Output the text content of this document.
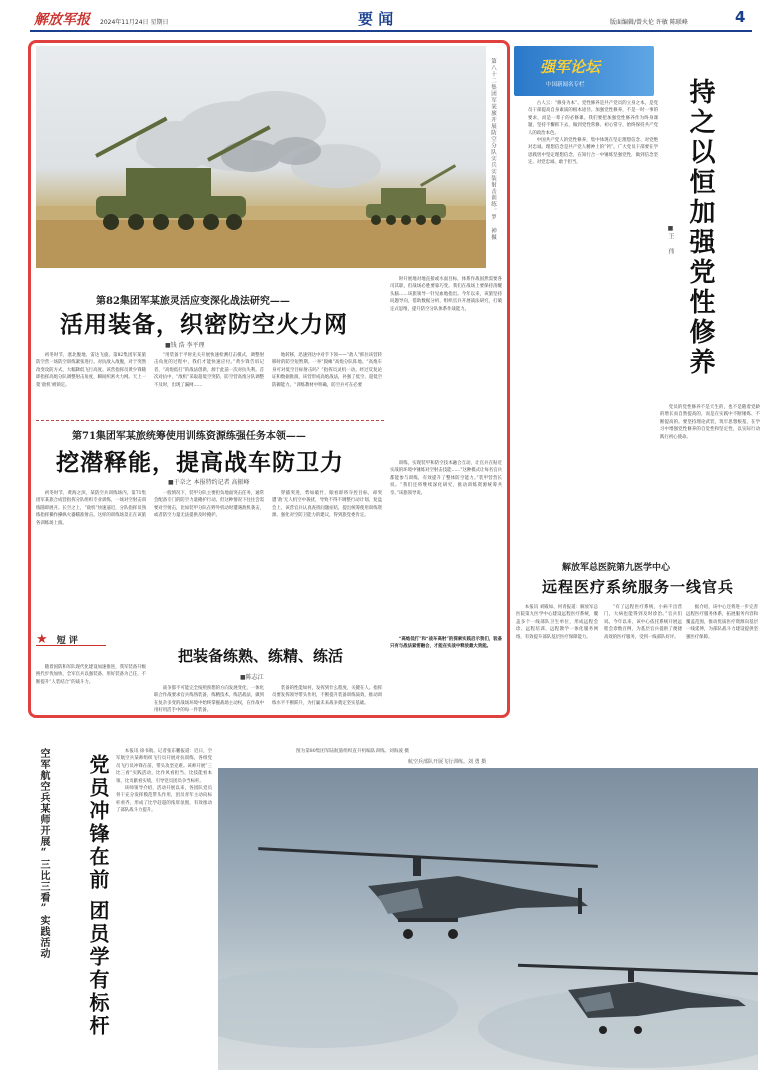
解放军报 2024年11月24日 星期日	要 闻	版面编辑/曾火伦 许敏 陈联峰	4
第八十二集团军某旅开展防空分队实兵实装射击训练。罗 神摄
第82集团军某旅灵活应变深化战法研究——
活用装备，织密防空火力网
■钱 浩 李平理

初冬时节，塞北腹地，雷达飞旋。第82集团军某旅防空营一场防空训练紧张进行。对抗敌入敌腹，对于突然改变攻防方式，大幅降低飞行高度。该营指挥员黄少锋随即指挥高炮分队调整射击角度，瞬间织密火力网。天上一架‘敌机’被锁定。

“用装备于平时先关开展快速检测打击模式，调整射击角度的过程中，我们才能快速应付。”黄少锋告诉记者，“高炮低打”的战法创新，源于此前一次对抗失利。首次对抗中，“敌机”采取超低空突防，防空营高炮分队调整不及时，出现了漏网……

地转移，迅速到达中对手下领——“敌人”抓住该营转移时的防空短暂期。一举“毁瘫”高炮分队阵地。“高炮车身可对低空目标射击吗？”指挥员灵机一动。经过反复论证和数据推演，该营形成高炮战法，补强了低空、超低空防御能力。“训练教材中明确，防空兵可在必要

时开展地对地直接或水面目标，体系作战固然需要各司其职，但战场必胜要靠巧变。我们在战场上要保持清醒头脑……该旅领导一针见血地指出。今年以来，该旅坚持问题导向，借助数据分析，组织官兵开展战法研究，打破定式思维，提升防空分队体系作战能力。

第71集团军某旅统筹使用训练资源练强任务本领——
挖潜释能，提高战车防卫力
■于奈之 本报特约记者 高振峰

初冬时节，黄海之滨，某防空兵训练场内，第71集团军某旅合成营指挥分队组织专业训练，一场对空射击训练随即展开。长空之上，“敌机”快速逼近，分队指挥员熟练指挥操作操纵火器瞄准射击。这样的训练场景正在该旅各训练场上演。

一般情况下，装甲分队主要担负地面突击任务，通常会配备专门的防空力量掩护行动。但这种情况下往往会需要对空射击，比如装甲分队在野外机动时遭遇敌机袭击，或者防空力量无法提供及时掩护。

穿插突进，势如破竹，眼看即将夺控目标，却突遭‘敌’无人机空中袭扰，导致不得不调整行动计划。复盘会上，该营官兵认真查找问题症结，提出统筹使用训练资源、强化对空防卫能力的建议，得到旅党委肯定。

训练，实现装甲和防空技术融合互动，让官兵在贴近实战的环境中锤炼对空射击技能……“这种模式让每名官兵都能参与训练，有效提升了整体防空能力。”装甲营营长说。“我们还将继续深化研究，推动训练资源统筹共享。”该旅领导说。

★ 短 评
把装备练熟、练精、练活
■陈志江

随着国防和军队现代化建设加速推进，我军装备升级换代步伐加快，全军官兵以强装备、用好装备为己任，不断提升“人装结合”的战斗力。

战争都不可能完全按照预想的方向发展变化，一体化联合作战要求官兵练熟装备，练精技术，练活战法，做到在复杂多变的战场环境中始终掌握战场主动权，在作战中用好用活手中的每一件装备。

装备的性能如何，发挥到什么程度，关键在人。指挥员要发挥领导带头作用，不断提升装备训练质效，推动训练水平不断跃升，为打赢未来战争奠定坚实基础。

“高炮低打”和“战车高射”的探索实践启示我们，装备只有与战法紧密融合，才能在实战中释放最大效能。

强军论坛
中国新闻名专栏	持之以恒加强党性修养
■王 伟

古人云：“修身为本”。党性修养是共产党员的立身之本，是党员干部提高自身素质的根本途径。加强党性修养，不是一时一事的要求，而是一辈子的必修课。我们要把加强党性修养作为终身课题，坚持不懈抓下去，做到党性常修、初心常守，始终保持共产党人的政治本色。

中国共产党人的党性修养，集中体现在坚定理想信念、对党绝对忠诚。理想信念是共产党人精神上的“钙”。广大党员干部要在学思践悟中坚定理想信念，在知行合一中锤炼坚强党性，做到信念坚定、对党忠诚、敢于担当。

党员的党性修养不是天生的，也不是随着党龄的增长而自然提高的，而是在实践中不断锤炼、不断提高的。要坚持理论武装，筑牢思想根基，在学习中增强党性修养的自觉性和坚定性，以实际行动践行初心使命。

解放军总医院第九医学中心
远程医疗系统服务一线官兵

本报讯 刘殿如、何青报道：解放军总医院第九医学中心建设远程医疗系统，覆盖多个一线部队卫生单位，形成远程会诊、远程培训、远程教学一体化服务网络，有效提升部队基层医疗保障能力。

“有了远程医疗系统，小病不出营门，大病也能得到及时诊治。”官兵们说。今年以来，该中心依托系统开展远程会诊数百例，为基层官兵提供了便捷高效的医疗服务，受到一线部队好评。

据介绍，该中心还将进一步完善远程医疗服务体系，拓展服务内容和覆盖范围，推动优质医疗资源向基层一线延伸，为部队战斗力建设提供坚强医疗保障。

空军航空兵某师开展“三比三看”实践活动 党员冲锋在前
团员学有标杆

本报讯 徐书航、记者张东鹏报道：近日，空军航空兵某师组织飞行员开展对抗训练，各组党员飞行员冲锋在前，带头攻坚克难。该师开展“三比三看”实践活动，比作风看担当、比技能看本领、比贡献看实绩，引导党员团员争当标杆。

该师领导介绍，活动开展以来，各团队党员骨干充分发挥模范带头作用，团员青年主动向标杆看齐，形成了比学赶超的浓厚氛围，有效推动了部队战斗力提升。

图为第80集团军陆航旅组织直升机编队训练。刘海波 摄
航空兵部队开展飞行训练。刘 勇 摄
